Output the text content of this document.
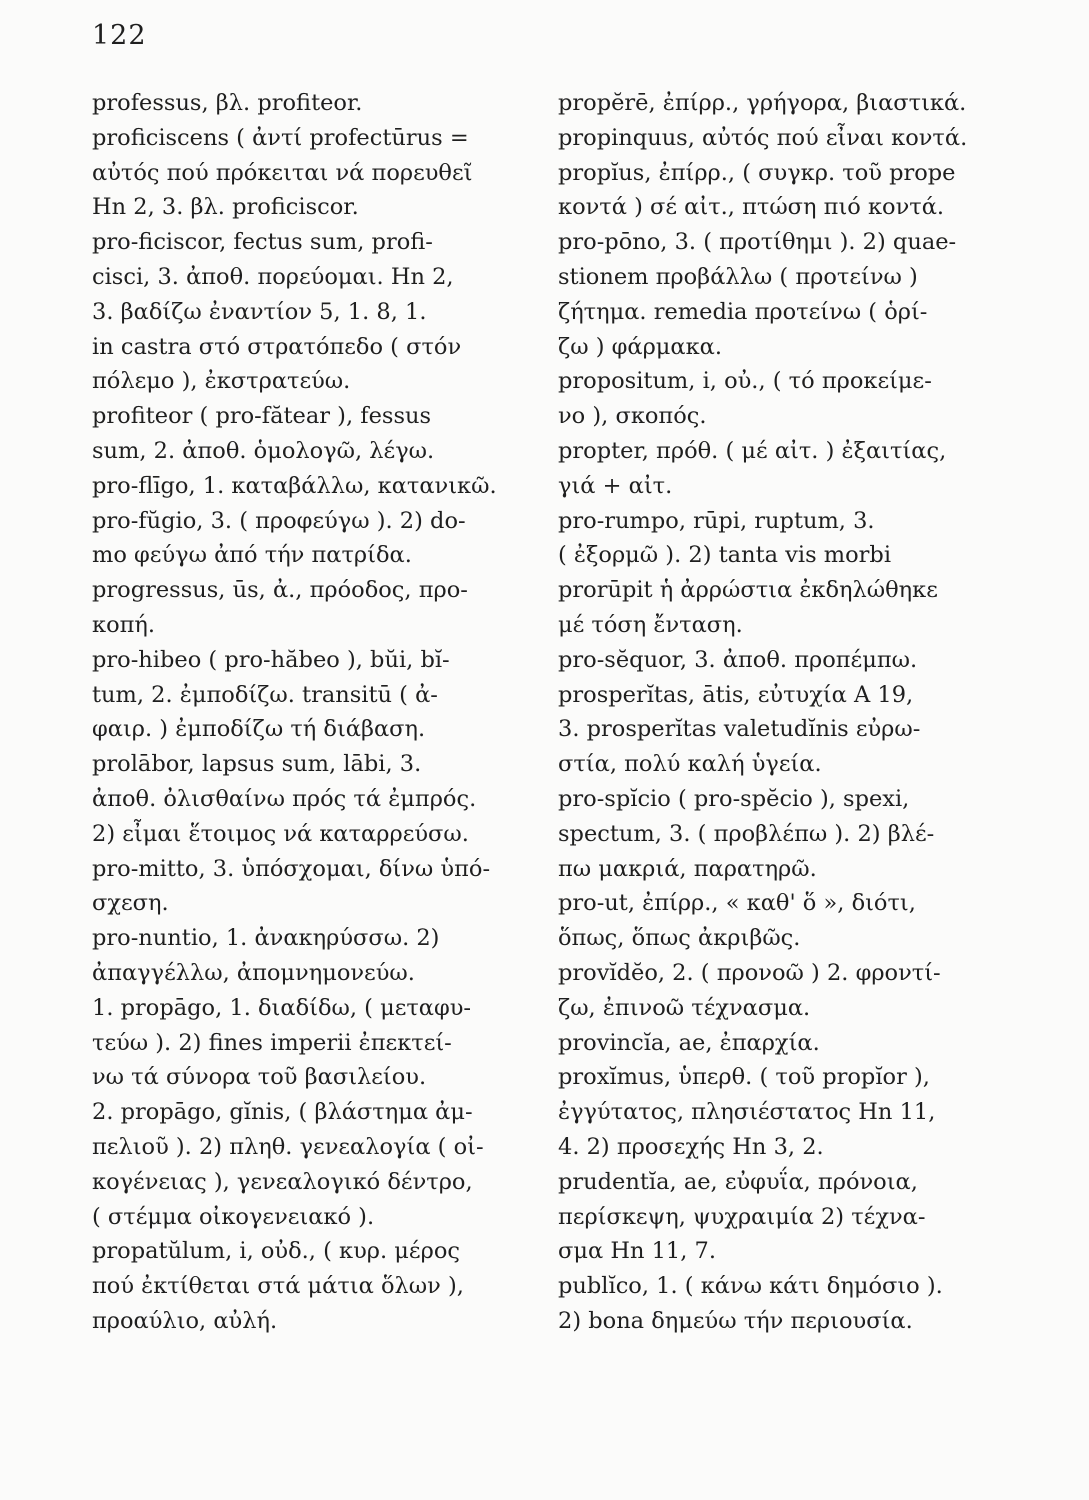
122
professus, βλ. profiteor.
proficiscens ( ἀντί profectūrus =
αὐτός πού πρόκειται νά πορευθεῖ
Hn 2, 3. βλ. proficiscor.
pro-ficiscor, fectus sum, profi-
cisci, 3. ἀποθ. πορεύομαι. Hn 2,
3. βαδίζω ἐναντίον 5, 1. 8, 1.
in castra στό στρατόπεδο ( στόν
πόλεμο ), ἐκστρατεύω.
profiteor ( pro-fătear ), fessus
sum, 2. ἀποθ. ὁμολογῶ, λέγω.
pro-flīgo, 1. καταβάλλω, κατανικῶ.
pro-fŭgio, 3. ( προφεύγω ). 2) do-
mo φεύγω ἀπό τήν πατρίδα.
progressus, ūs, ἀ., πρόοδος, προ-
κοπή.
pro-hibeo ( pro-hăbeo ), bŭi, bĭ-
tum, 2. ἐμποδίζω. transitū ( ἀ-
φαιρ. ) ἐμποδίζω τή διάβαση.
prolābor, lapsus sum, lābi, 3.
ἀποθ. ὀλισθαίνω πρός τά ἐμπρός.
2) εἶμαι ἕτοιμος νά καταρρεύσω.
pro-mitto, 3. ὑπόσχομαι, δίνω ὑπό-
σχεση.
pro-nuntio, 1. ἀνακηρύσσω. 2)
ἀπαγγέλλω, ἀπομνημονεύω.
1. propāgo, 1. διαδίδω, ( μεταφυ-
τεύω ). 2) fines imperii ἐπεκτεί-
νω τά σύνορα τοῦ βασιλείου.
2. propāgo, gĭnis, ( βλάστημα ἀμ-
πελιοῦ ). 2) πληθ. γενεαλογία ( οἰ-
κογένειας ), γενεαλογικό δέντρο,
( στέμμα οἰκογενειακό ).
propatŭlum, i, οὐδ., ( κυρ. μέρος
πού ἐκτίθεται στά μάτια ὅλων ),
προαύλιο, αὐλή.
propĕrē, ἐπίρρ., γρήγορα, βιαστικά.
propinquus, αὐτός πού εἶναι κοντά.
propĭus, ἐπίρρ., ( συγκρ. τοῦ prope
κοντά ) σέ αἰτ., πτώση πιό κοντά.
pro-pōno, 3. ( προτίθημι ). 2) quae-
stionem προβάλλω ( προτείνω )
ζήτημα. remedia προτείνω ( ὁρί-
ζω ) φάρμακα.
propositum, i, οὐ., ( τό προκείμε-
νο ), σκοπός.
propter, πρόθ. ( μέ αἰτ. ) ἐξαιτίας,
γιά + αἰτ.
pro-rumpo, rūpi, ruptum, 3.
( ἐξορμῶ ). 2) tanta vis morbi
prorūpit ἡ ἀρρώστια ἐκδηλώθηκε
μέ τόση ἔνταση.
pro-sĕquor, 3. ἀποθ. προπέμπω.
prosperĭtas, ātis, εὐτυχία A 19,
3. prosperĭtas valetudĭnis εὐρω-
στία, πολύ καλή ὑγεία.
pro-spĭcio ( pro-spĕcio ), spexi,
spectum, 3. ( προβλέπω ). 2) βλέ-
πω μακριά, παρατηρῶ.
pro-ut, ἐπίρρ., « καθ' ὅ », διότι,
ὅπως, ὅπως ἀκριβῶς.
provĭdĕo, 2. ( προνοῶ ) 2. φροντί-
ζω, ἐπινοῶ τέχνασμα.
provincĭa, ae, ἐπαρχία.
proxĭmus, ὑπερθ. ( τοῦ propĭor ),
ἐγγύτατος, πλησιέστατος Hn 11,
4. 2) προσεχής Hn 3, 2.
prudentĭa, ae, εὐφυΐα, πρόνοια,
περίσκεψη, ψυχραιμία 2) τέχνα-
σμα Hn 11, 7.
publĭco, 1. ( κάνω κάτι δημόσιο ).
2) bona δημεύω τήν περιουσία.
